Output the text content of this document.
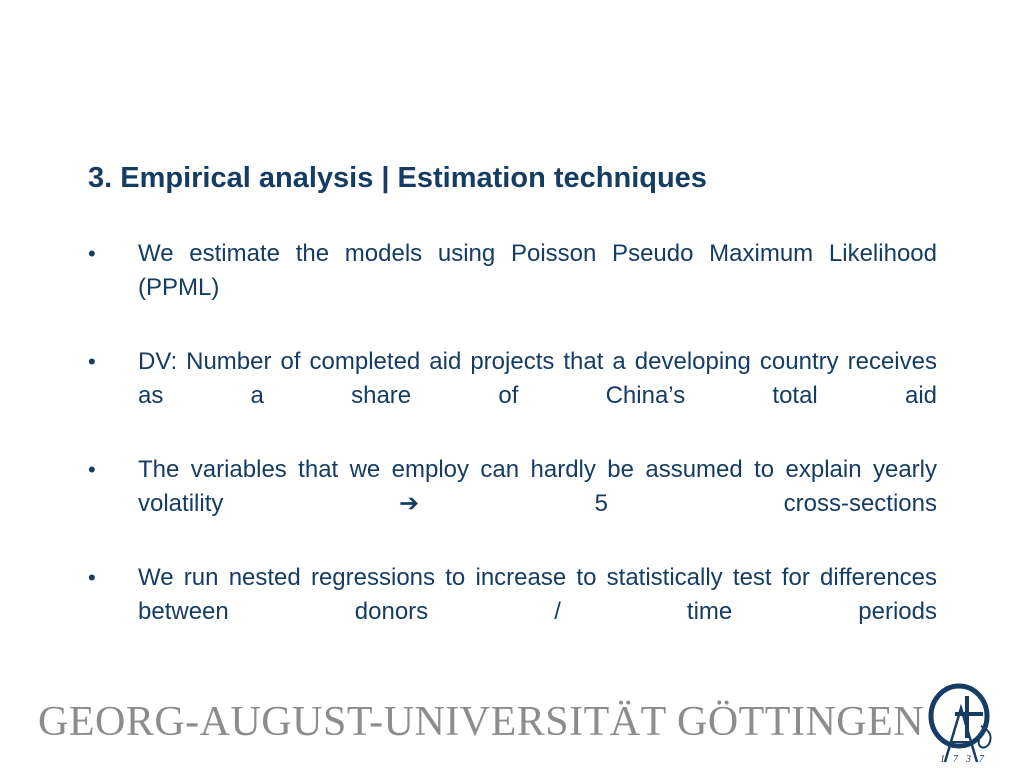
3. Empirical analysis | Estimation techniques
• We estimate the models using Poisson Pseudo Maximum Likelihood (PPML)
• DV: Number of completed aid projects that a developing country receives as a share of China’s total aid
• The variables that we employ can hardly be assumed to explain yearly volatility ➔ 5 cross-sections
• We run nested regressions to increase to statistically test for differences between donors / time periods
GEORG-AUGUST-UNIVERSITÄT GÖTTINGEN
1737
